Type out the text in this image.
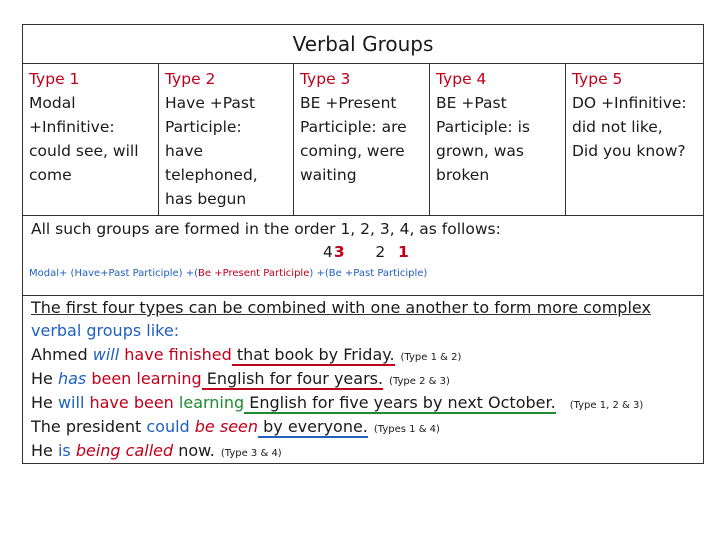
Verbal Groups
Type 1
Modal
+Infinitive:
could see, will
come
Type 2
Have +Past
Participle:
have
telephoned,
has begun
Type 3
BE +Present
Participle: are
coming, were
waiting
Type 4
BE +Past
Participle: is
grown, was
broken
Type 5
DO +Infinitive:
did not like,
Did you know?
All such groups are formed in the order 1, 2, 3, 4, as follows:
43 2 1
Modal+ (Have+Past Participle) +(Be +Present Participle) +(Be +Past Participle)
The first four types can be combined with one another to form more complex
verbal groups like:
Ahmed will have finished that book by Friday. (Type 1 & 2)
He has been learning English for four years. (Type 2 & 3)
He will have been learning English for five years by next October. (Type 1, 2 & 3)
The president could be seen by everyone. (Types 1 & 4)
He is being called now. (Type 3 & 4)
